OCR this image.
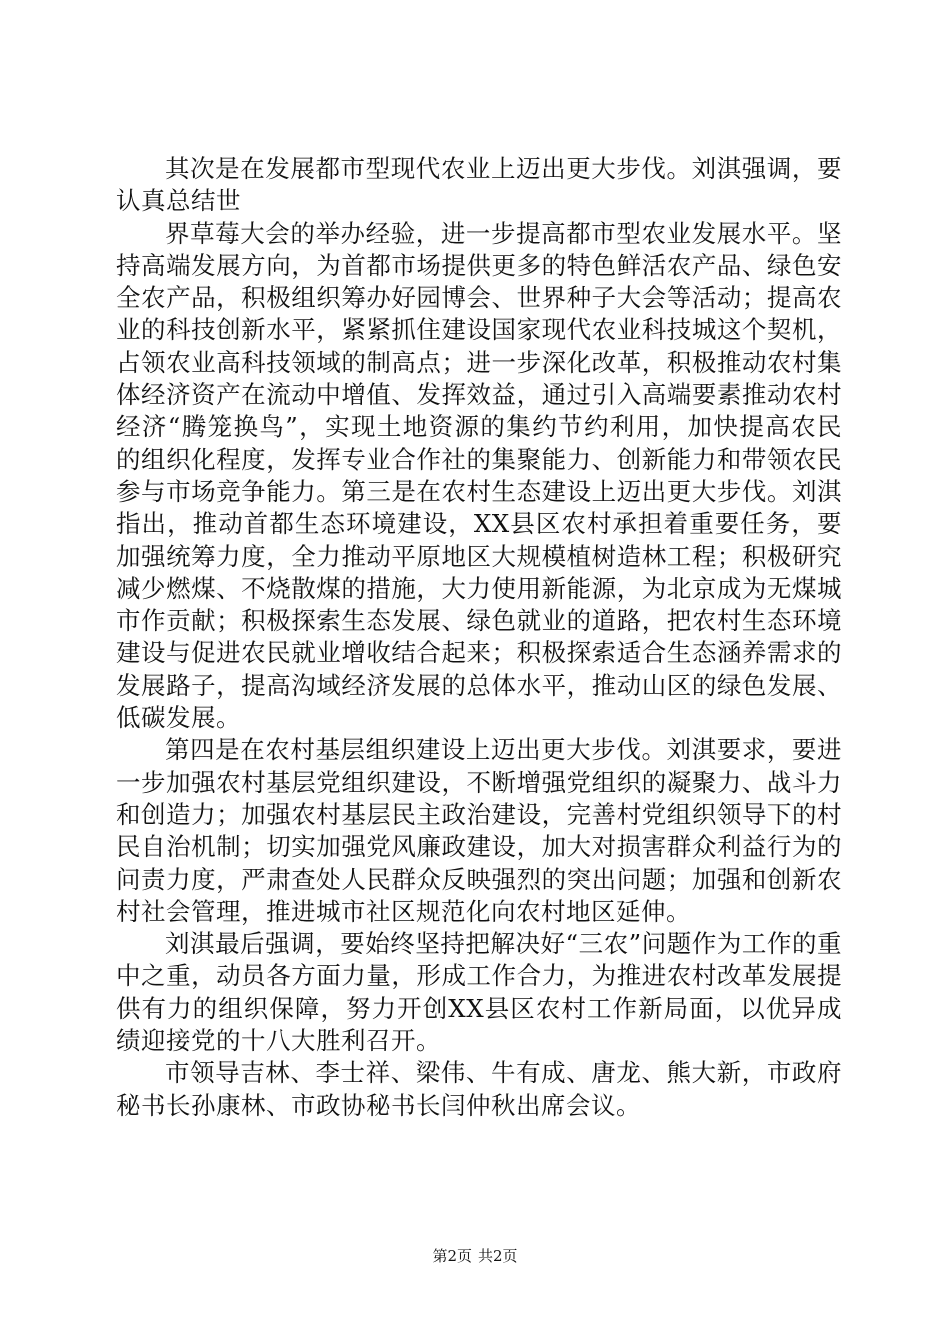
其次是在发展都市型现代农业上迈出更大步伐。刘淇强调，要认真总结世

界草莓大会的举办经验，进一步提高都市型农业发展水平。坚持高端发展方向，为首都市场提供更多的特色鲜活农产品、绿色安全农产品，积极组织筹办好园博会、世界种子大会等活动；提高农业的科技创新水平，紧紧抓住建设国家现代农业科技城这个契机，占领农业高科技领域的制高点；进一步深化改革，积极推动农村集体经济资产在流动中增值、发挥效益，通过引入高端要素推动农村经济“腾笼换鸟”，实现土地资源的集约节约利用，加快提高农民的组织化程度，发挥专业合作社的集聚能力、创新能力和带领农民参与市场竞争能力。第三是在农村生态建设上迈出更大步伐。刘淇指出，推动首都生态环境建设，XX县区农村承担着重要任务，要加强统筹力度，全力推动平原地区大规模植树造林工程；积极研究减少燃煤、不烧散煤的措施，大力使用新能源，为北京成为无煤城市作贡献；积极探索生态发展、绿色就业的道路，把农村生态环境建设与促进农民就业增收结合起来；积极探索适合生态涵养需求的发展路子，提高沟域经济发展的总体水平，推动山区的绿色发展、低碳发展。

第四是在农村基层组织建设上迈出更大步伐。刘淇要求，要进一步加强农村基层党组织建设，不断增强党组织的凝聚力、战斗力和创造力；加强农村基层民主政治建设，完善村党组织领导下的村民自治机制；切实加强党风廉政建设，加大对损害群众利益行为的问责力度，严肃查处人民群众反映强烈的突出问题；加强和创新农村社会管理，推进城市社区规范化向农村地区延伸。

刘淇最后强调，要始终坚持把解决好“三农”问题作为工作的重中之重，动员各方面力量，形成工作合力，为推进农村改革发展提供有力的组织保障，努力开创XX县区农村工作新局面，以优异成绩迎接党的十八大胜利召开。

市领导吉林、李士祥、梁伟、牛有成、唐龙、熊大新，市政府秘书长孙康林、市政协秘书长闫仲秋出席会议。

第2页 共2页
